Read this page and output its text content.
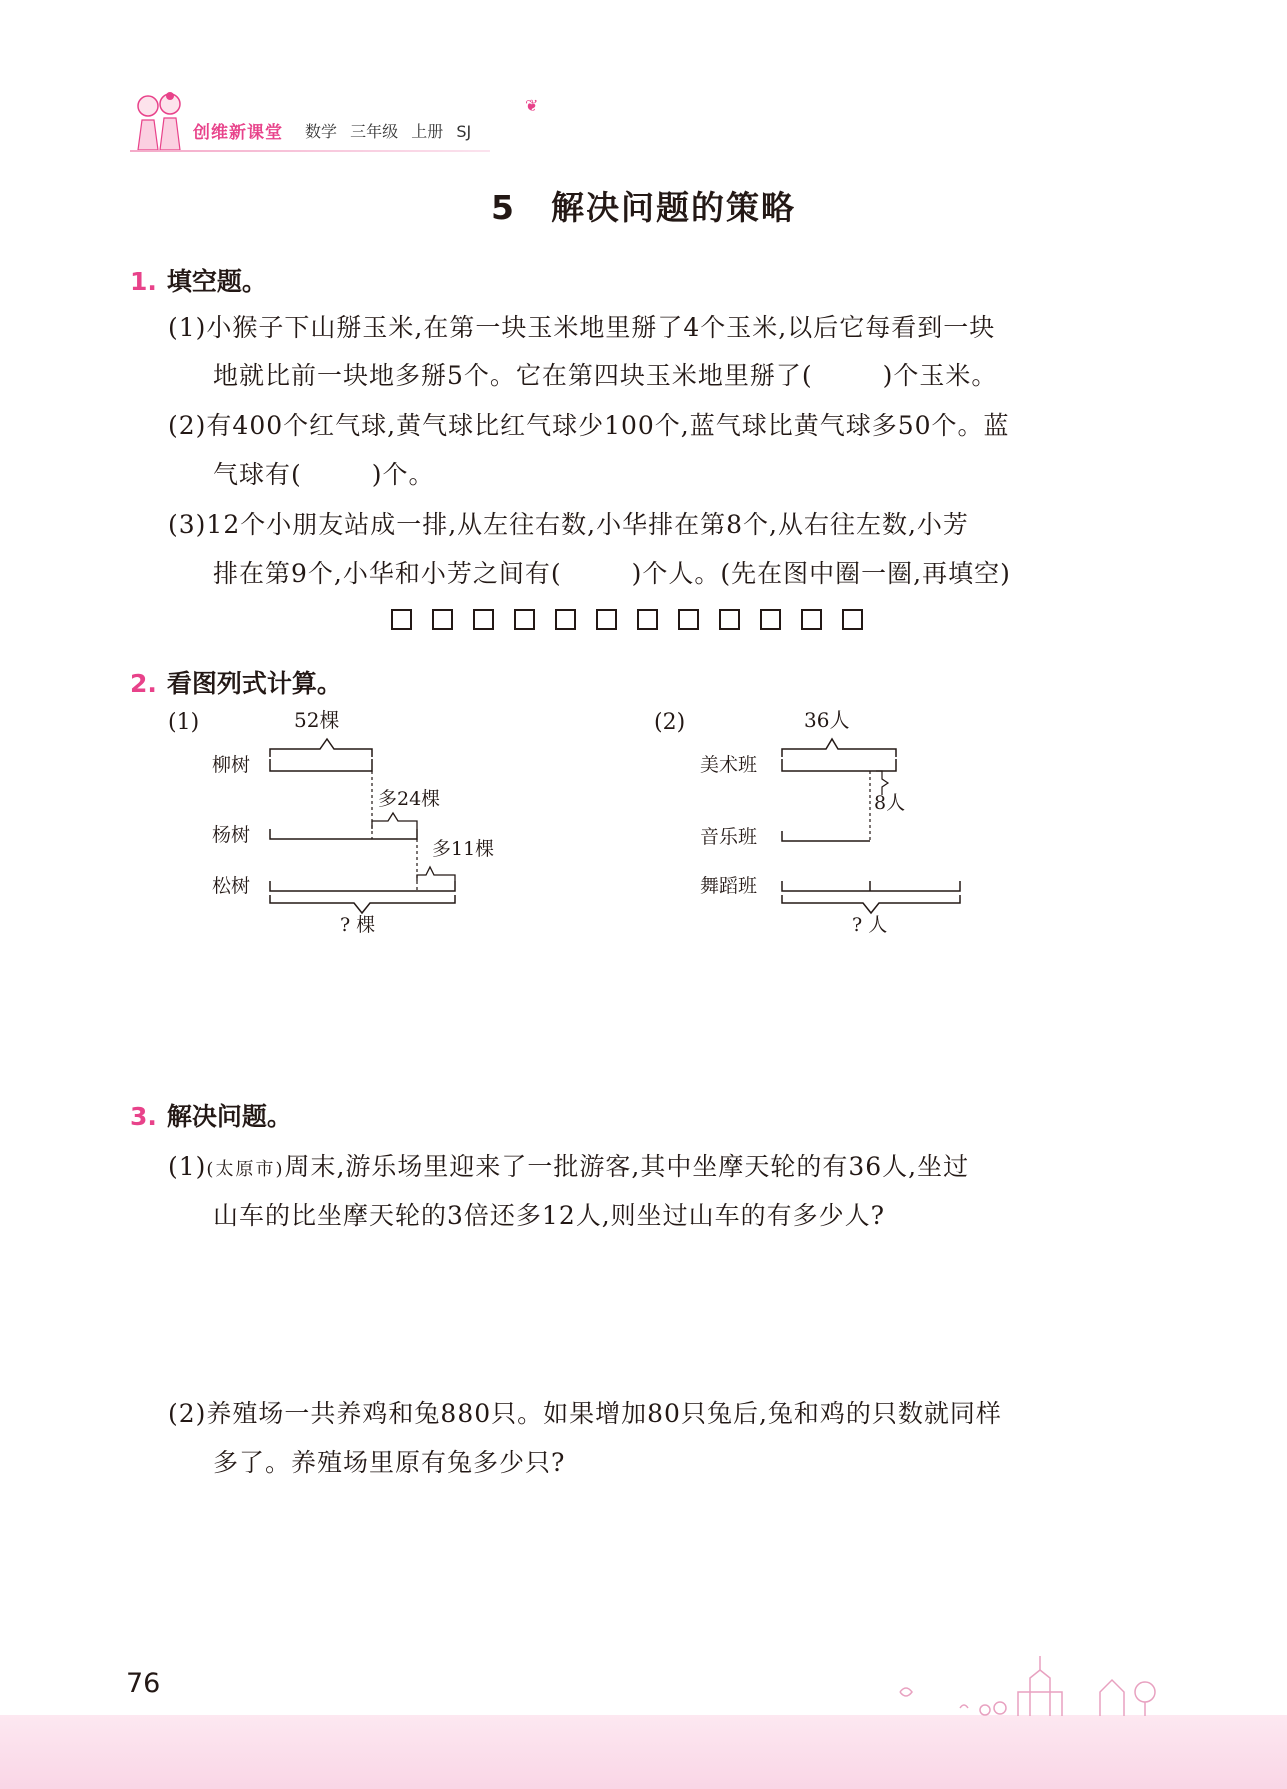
创维新课堂 数学 三年级 上册 SJ
❦
5　解决问题的策略
1. 填空题。
(1)小猴子下山掰玉米,在第一块玉米地里掰了4个玉米,以后它每看到一块
地就比前一块地多掰5个。它在第四块玉米地里掰了(	)个玉米。
(2)有400个红气球,黄气球比红气球少100个,蓝气球比黄气球多50个。蓝
气球有(	)个。
(3)12个小朋友站成一排,从左往右数,小华排在第8个,从右往左数,小芳
排在第9个,小华和小芳之间有(	)个人。(先在图中圈一圈,再填空)
2. 看图列式计算。
(1)	52棵
柳树
多24棵
杨树
多11棵
松树
? 棵
(2)	36人
美术班
8人
音乐班
舞蹈班
? 人
3. 解决问题。
(1)(太原市)周末,游乐场里迎来了一批游客,其中坐摩天轮的有36人,坐过
山车的比坐摩天轮的3倍还多12人,则坐过山车的有多少人?
(2)养殖场一共养鸡和兔880只。如果增加80只兔后,兔和鸡的只数就同样
多了。养殖场里原有兔多少只?
76
